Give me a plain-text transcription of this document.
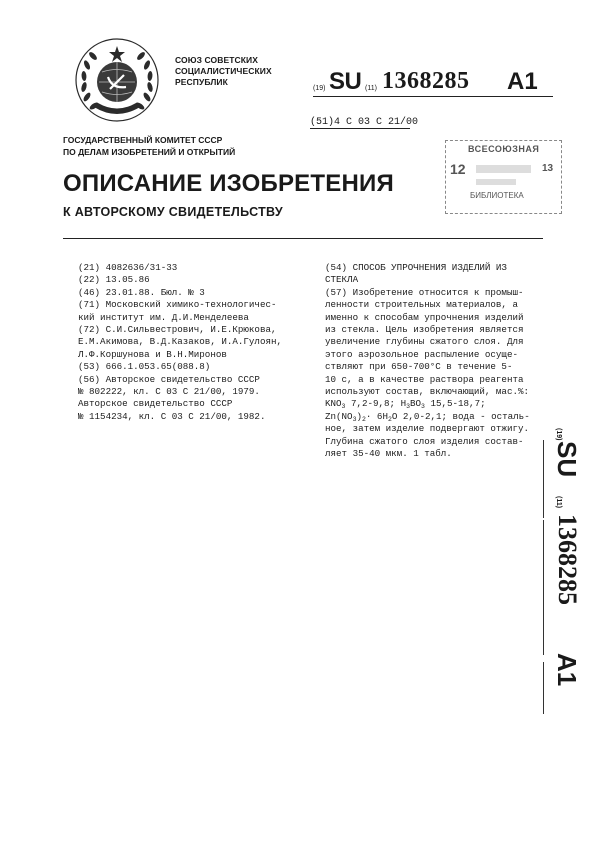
СОЮЗ СОВЕТСКИХ
СОЦИАЛИСТИЧЕСКИХ
РЕСПУБЛИК
(19) SU (11) 1368285 A1
(51)4 С 03 С 21/00
ГОСУДАРСТВЕННЫЙ КОМИТЕТ СССР
ПО ДЕЛАМ ИЗОБРЕТЕНИЙ И ОТКРЫТИЙ	ВСЕСОЮЗНАЯ
12	13
БИБЛИОТЕКА
ОПИСАНИЕ ИЗОБРЕТЕНИЯ
К АВТОРСКОМУ СВИДЕТЕЛЬСТВУ
(21) 4082636/31-33
(22) 13.05.86
(46) 23.01.88. Бюл. № 3
(71) Московский химико-технологичес-
кий институт им. Д.И.Менделеева
(72) С.И.Сильвестрович, И.Е.Крюкова,
Е.М.Акимова, В.Д.Казаков, И.А.Гулоян,
Л.Ф.Коршунова и В.Н.Миронов
(53) 666.1.053.65(088.8)
(56) Авторское свидетельство СССР
№ 802222, кл. С 03 С 21/00, 1979.
Авторское свидетельство СССР
№ 1154234, кл. С 03 С 21/00, 1982.
(54) СПОСОБ УПРОЧНЕНИЯ ИЗДЕЛИЙ ИЗ
СТЕКЛА
(57) Изобретение относится к промыш-
ленности строительных материалов, а
именно к способам упрочнения изделий
из стекла. Цель изобретения является
увеличение глубины сжатого слоя. Для
этого аэрозольное распыление осуще-
ствляют при 650-700°С в течение 5-
10 с, а в качестве раствора реагента
используют состав, включающий, мас.%:
$KNO_3$ 7,2-9,8; $H_3BO_3$ 15,5-18,7;
$Zn(NO_3)_2\cdot 6H_2O$ 2,0-2,1; вода - осталь-
ное, затем изделие подвергают отжигу.
Глубина сжатого слоя изделия состав-
ляет 35-40 мкм. 1 табл.
(19)
SU
(11)
1368285
A1
